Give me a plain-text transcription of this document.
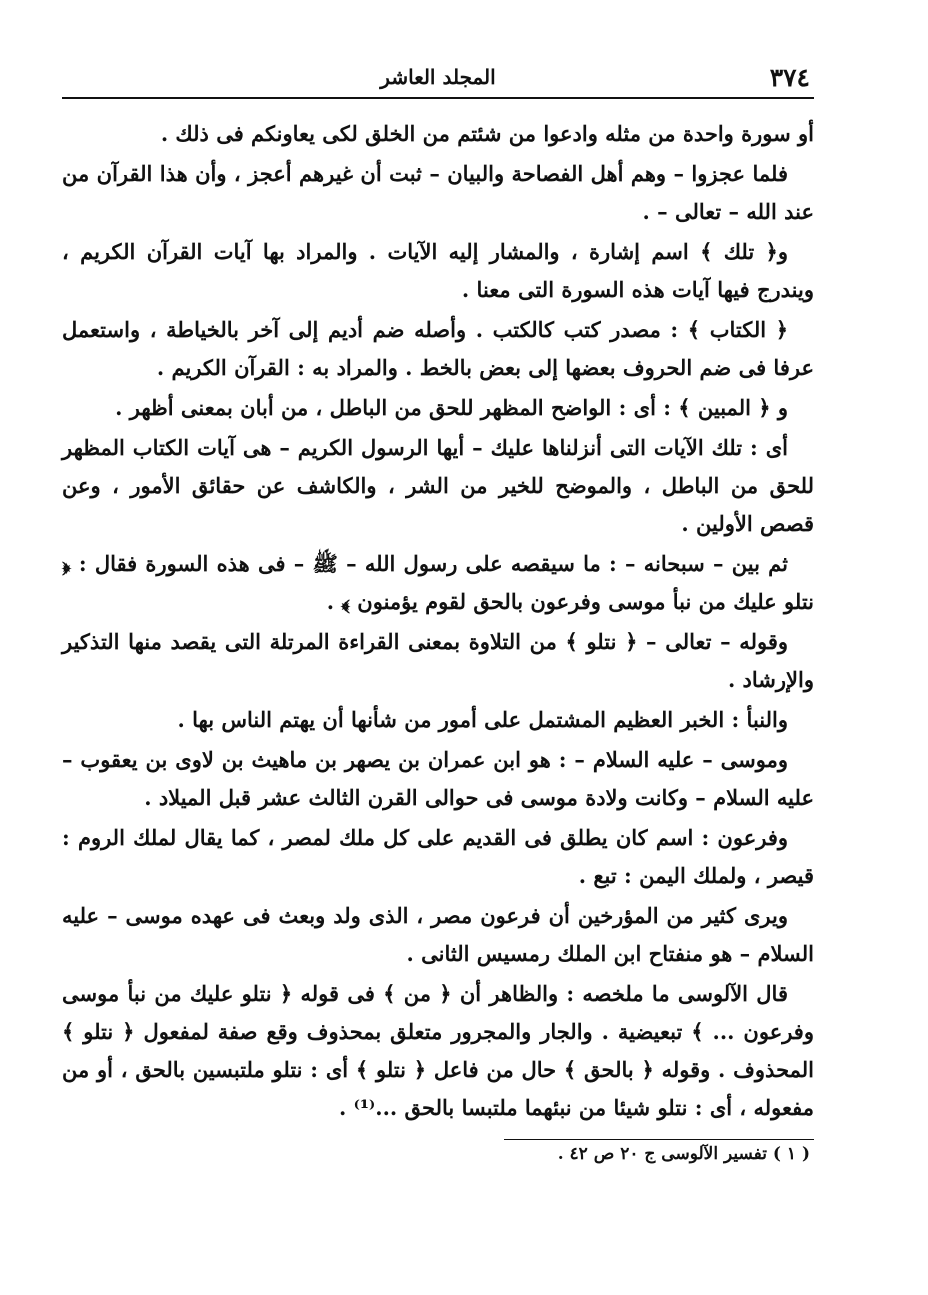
٣٧٤
المجلد العاشر

أو سورة واحدة من مثله وادعوا من شئتم من الخلق لكى يعاونكم فى ذلك .

فلما عجزوا – وهم أهل الفصاحة والبيان – ثبت أن غيرهم أعجز ، وأن هذا القرآن من عند الله – تعالى – .

و﴿ تلك ﴾ اسم إشارة ، والمشار إليه الآيات . والمراد بها آيات القرآن الكريم ، ويندرج فيها آيات هذه السورة التى معنا .

﴿ الكتاب ﴾ : مصدر كتب كالكتب . وأصله ضم أديم إلى آخر بالخياطة ، واستعمل عرفا فى ضم الحروف بعضها إلى بعض بالخط . والمراد به : القرآن الكريم .

و ﴿ المبين ﴾ : أى : الواضح المظهر للحق من الباطل ، من أبان بمعنى أظهر .

أى : تلك الآيات التى أنزلناها عليك – أيها الرسول الكريم – هى آيات الكتاب المظهر للحق من الباطل ، والموضح للخير من الشر ، والكاشف عن حقائق الأمور ، وعن قصص الأولين .

ثم بين – سبحانه – : ما سيقصه على رسول الله – ﷺ – فى هذه السورة فقال : ﴿ نتلو عليك من نبأ موسى وفرعون بالحق لقوم يؤمنون ﴾ .

وقوله – تعالى – ﴿ نتلو ﴾ من التلاوة بمعنى القراءة المرتلة التى يقصد منها التذكير والإرشاد .

والنبأ : الخبر العظيم المشتمل على أمور من شأنها أن يهتم الناس بها .

وموسى – عليه السلام – : هو ابن عمران بن يصهر بن ماهيث بن لاوى بن يعقوب – عليه السلام – وكانت ولادة موسى فى حوالى القرن الثالث عشر قبل الميلاد .

وفرعون : اسم كان يطلق فى القديم على كل ملك لمصر ، كما يقال لملك الروم : قيصر ، ولملك اليمن : تبع .

ويرى كثير من المؤرخين أن فرعون مصر ، الذى ولد وبعث فى عهده موسى – عليه السلام – هو منفتاح ابن الملك رمسيس الثانى .

قال الآلوسى ما ملخصه : والظاهر أن ﴿ من ﴾ فى قوله ﴿ نتلو عليك من نبأ موسى وفرعون ... ﴾ تبعيضية . والجار والمجرور متعلق بمحذوف وقع صفة لمفعول ﴿ نتلو ﴾ المحذوف . وقوله ﴿ بالحق ﴾ حال من فاعل ﴿ نتلو ﴾ أى : نتلو ملتبسين بالحق ، أو من مفعوله ، أى : نتلو شيئا من نبئهما ملتبسا بالحق ...⁽¹⁾ .

( ١ ) تفسير الآلوسى ج ٢٠ ص ٤٢ .
